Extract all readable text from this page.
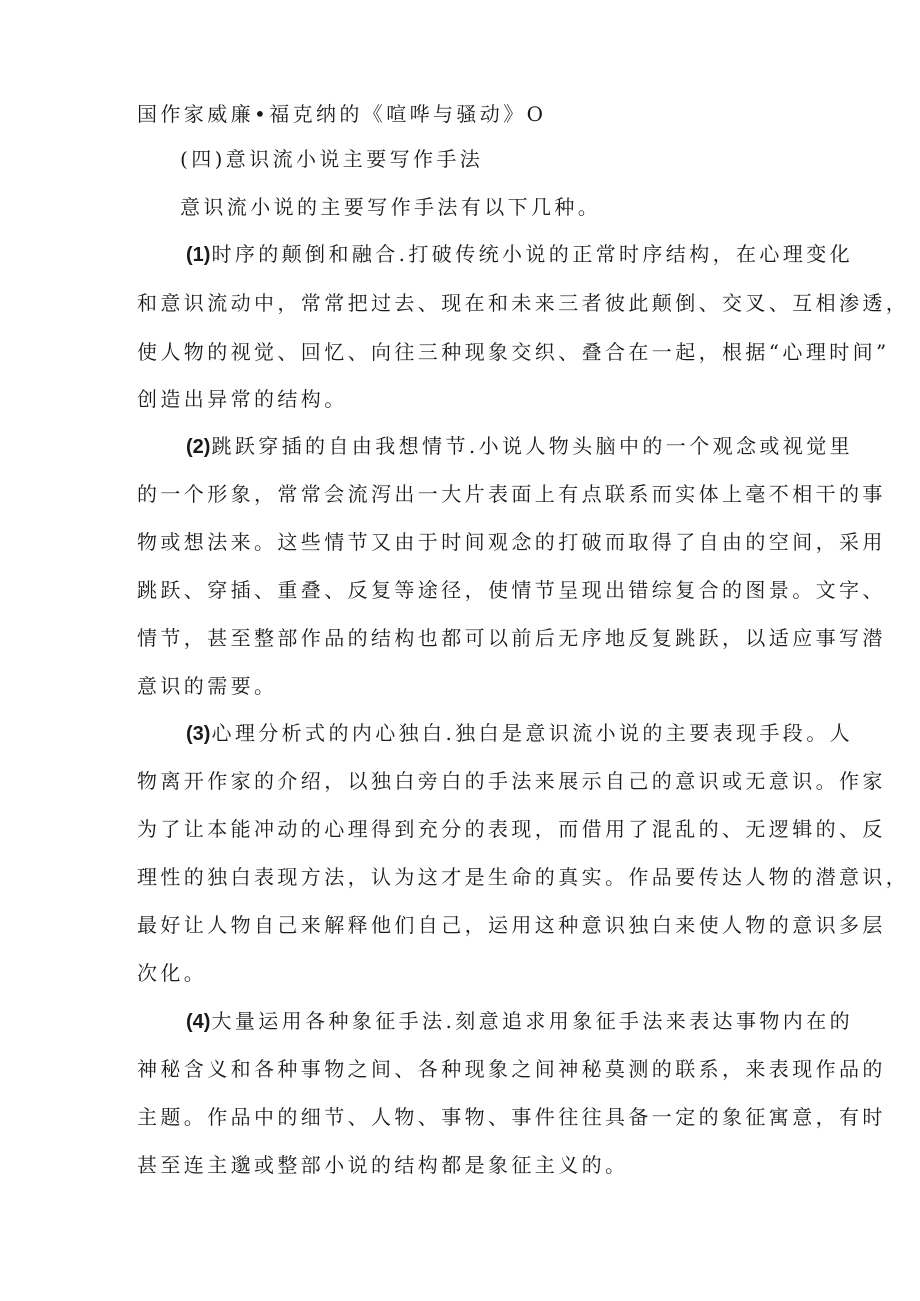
国作家威廉•福克纳的《喧哗与骚动》O
(四)意识流小说主要写作手法
意识流小说的主要写作手法有以下几种。
(1)时序的颠倒和融合.打破传统小说的正常时序结构，在心理变化
和意识流动中，常常把过去、现在和未来三者彼此颠倒、交叉、互相渗透，
使人物的视觉、回忆、向往三种现象交织、叠合在一起，根据“心理时间”
创造出异常的结构。
(2)跳跃穿插的自由我想情节.小说人物头脑中的一个观念或视觉里
的一个形象，常常会流泻出一大片表面上有点联系而实体上毫不相干的事
物或想法来。这些情节又由于时间观念的打破而取得了自由的空间，采用
跳跃、穿插、重叠、反复等途径，使情节呈现出错综复合的图景。文字、
情节，甚至整部作品的结构也都可以前后无序地反复跳跃，以适应事写潜
意识的需要。
(3)心理分析式的内心独白.独白是意识流小说的主要表现手段。人
物离开作家的介绍，以独白旁白的手法来展示自己的意识或无意识。作家
为了让本能冲动的心理得到充分的表现，而借用了混乱的、无逻辑的、反
理性的独白表现方法，认为这才是生命的真实。作品要传达人物的潜意识，
最好让人物自己来解释他们自己，运用这种意识独白来使人物的意识多层
次化。
(4)大量运用各种象征手法.刻意追求用象征手法来表达事物内在的
神秘含义和各种事物之间、各种现象之间神秘莫测的联系，来表现作品的
主题。作品中的细节、人物、事物、事件往往具备一定的象征寓意，有时
甚至连主邈或整部小说的结构都是象征主义的。
